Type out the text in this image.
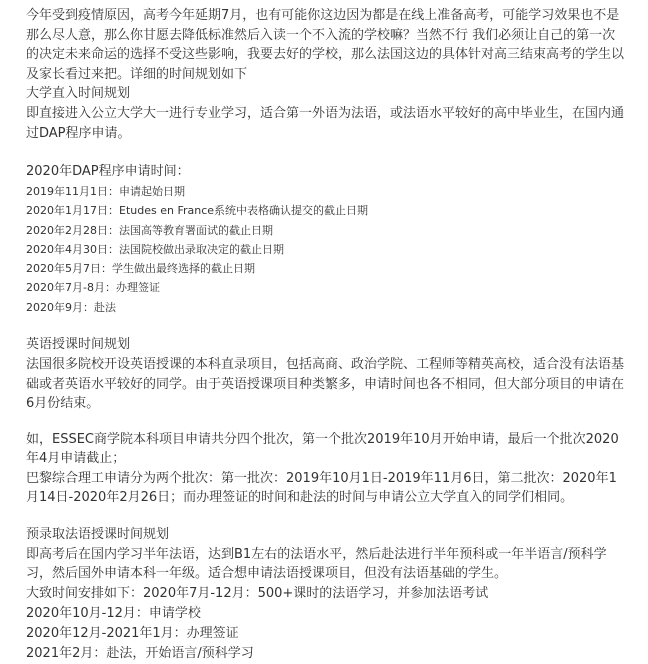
今年受到疫情原因，高考今年延期7月，也有可能你这边因为都是在线上准备高考，可能学习效果也不是那么尽人意，那么你甘愿去降低标准然后入读一个不入流的学校嘛？当然不行 我们必须让自己的第一次的决定未来命运的选择不受这些影响，我要去好的学校，那么法国这边的具体针对高三结束高考的学生以及家长看过来把。详细的时间规划如下
大学直入时间规划
即直接进入公立大学大一进行专业学习，适合第一外语为法语，或法语水平较好的高中毕业生，在国内通过DAP程序申请。
2020年DAP程序申请时间：
2019年11月1日：申请起始日期
2020年1月17日：Etudes en France系统中表格确认提交的截止日期
2020年2月28日：法国高等教育署面试的截止日期
2020年4月30日：法国院校做出录取决定的截止日期
2020年5月7日：学生做出最终选择的截止日期
2020年7月-8月：办理签证
2020年9月：赴法
英语授课时间规划
法国很多院校开设英语授课的本科直录项目，包括高商、政治学院、工程师等精英高校，适合没有法语基础或者英语水平较好的同学。由于英语授课项目种类繁多，申请时间也各不相同，但大部分项目的申请在6月份结束。
如，ESSEC商学院本科项目申请共分四个批次，第一个批次2019年10月开始申请，最后一个批次2020年4月申请截止；
巴黎综合理工申请分为两个批次：第一批次：2019年10月1日-2019年11月6日，第二批次：2020年1月14日-2020年2月26日；而办理签证的时间和赴法的时间与申请公立大学直入的同学们相同。
预录取法语授课时间规划
即高考后在国内学习半年法语，达到B1左右的法语水平，然后赴法进行半年预科或一年半语言/预科学习，然后国外申请本科一年级。适合想申请法语授课项目，但没有法语基础的学生。
大致时间安排如下：2020年7月-12月：500+课时的法语学习，并参加法语考试
2020年10月-12月：申请学校
2020年12月-2021年1月：办理签证
2021年2月：赴法，开始语言/预科学习
